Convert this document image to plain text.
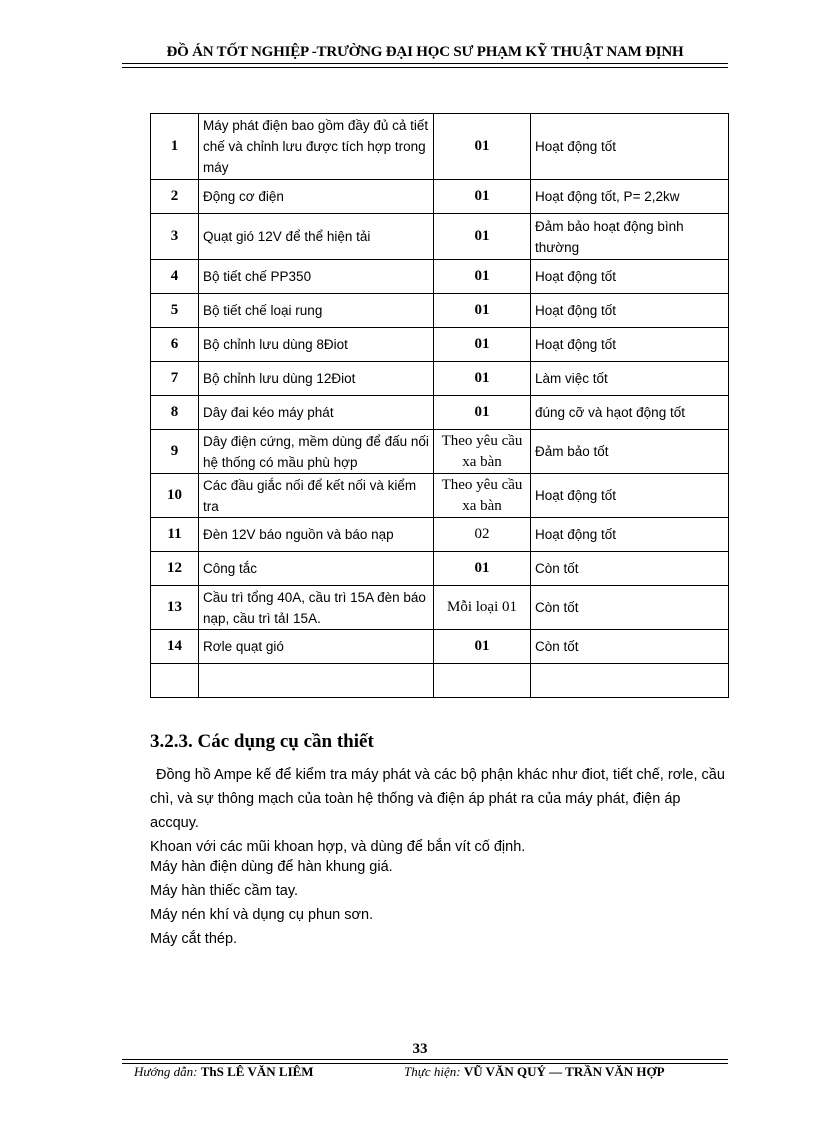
ĐỒ ÁN TỐT NGHIỆP -TRƯỜNG ĐẠI HỌC SƯ PHẠM KỸ THUẬT NAM ĐỊNH
1	Máy phát điện bao gồm đầy đủ cả tiết chế và chỉnh lưu được tích hợp trong máy	01	Hoạt động tốt
2	Động cơ điện	01	Hoạt động tốt, P= 2,2kw
3	Quạt gió 12V để thể hiện tải	01	Đảm bảo hoạt động bình thường
4	Bộ tiết chế PP350	01	Hoạt động tốt
5	Bộ tiết chế loại rung	01	Hoạt động tốt
6	Bộ chỉnh lưu dùng 8Điot	01	Hoạt động tốt
7	Bộ chỉnh lưu dùng 12Điot	01	Làm việc tốt
8	Dây đai kéo máy phát	01	đúng cỡ và hạot động tốt
9	Dây điện cứng, mềm dùng để đấu nối hệ thống có mầu phù hợp	Theo yêu cầu xa bàn	Đảm bảo tốt
10	Các đầu giắc nối để kết nối và kiểm tra	Theo yêu cầu xa bàn	Hoạt động tốt
11	Đèn 12V báo nguồn và báo nạp	02	Hoạt động tốt
12	Công tắc	01	Còn tốt
13	Cầu trì tổng 40A, cầu trì 15A đèn báo nạp, cầu trì tảI 15A.	Mỗi loại 01	Còn tốt
14	Rơle quạt gió	01	Còn tốt

3.2.3. Các dụng cụ cần thiết
Đồng hồ Ampe kế để kiểm tra máy phát và các bộ phận khác như điot, tiết chế, rơle, cầu chì, và sự thông mạch của toàn hệ thống và điện áp phát ra của máy phát, điện áp accquy.
Khoan với các mũi khoan hợp, và dùng để bắn vít cố định.
Máy hàn điện dùng để hàn khung giá.
Máy hàn thiếc cầm tay.
Máy nén khí và dụng cụ phun sơn.
Máy cắt thép.
33
Hướng dẫn: ThS LÊ VĂN LIÊM	Thực hiện: VŨ VĂN QUÝ — TRẦN VĂN HỢP
